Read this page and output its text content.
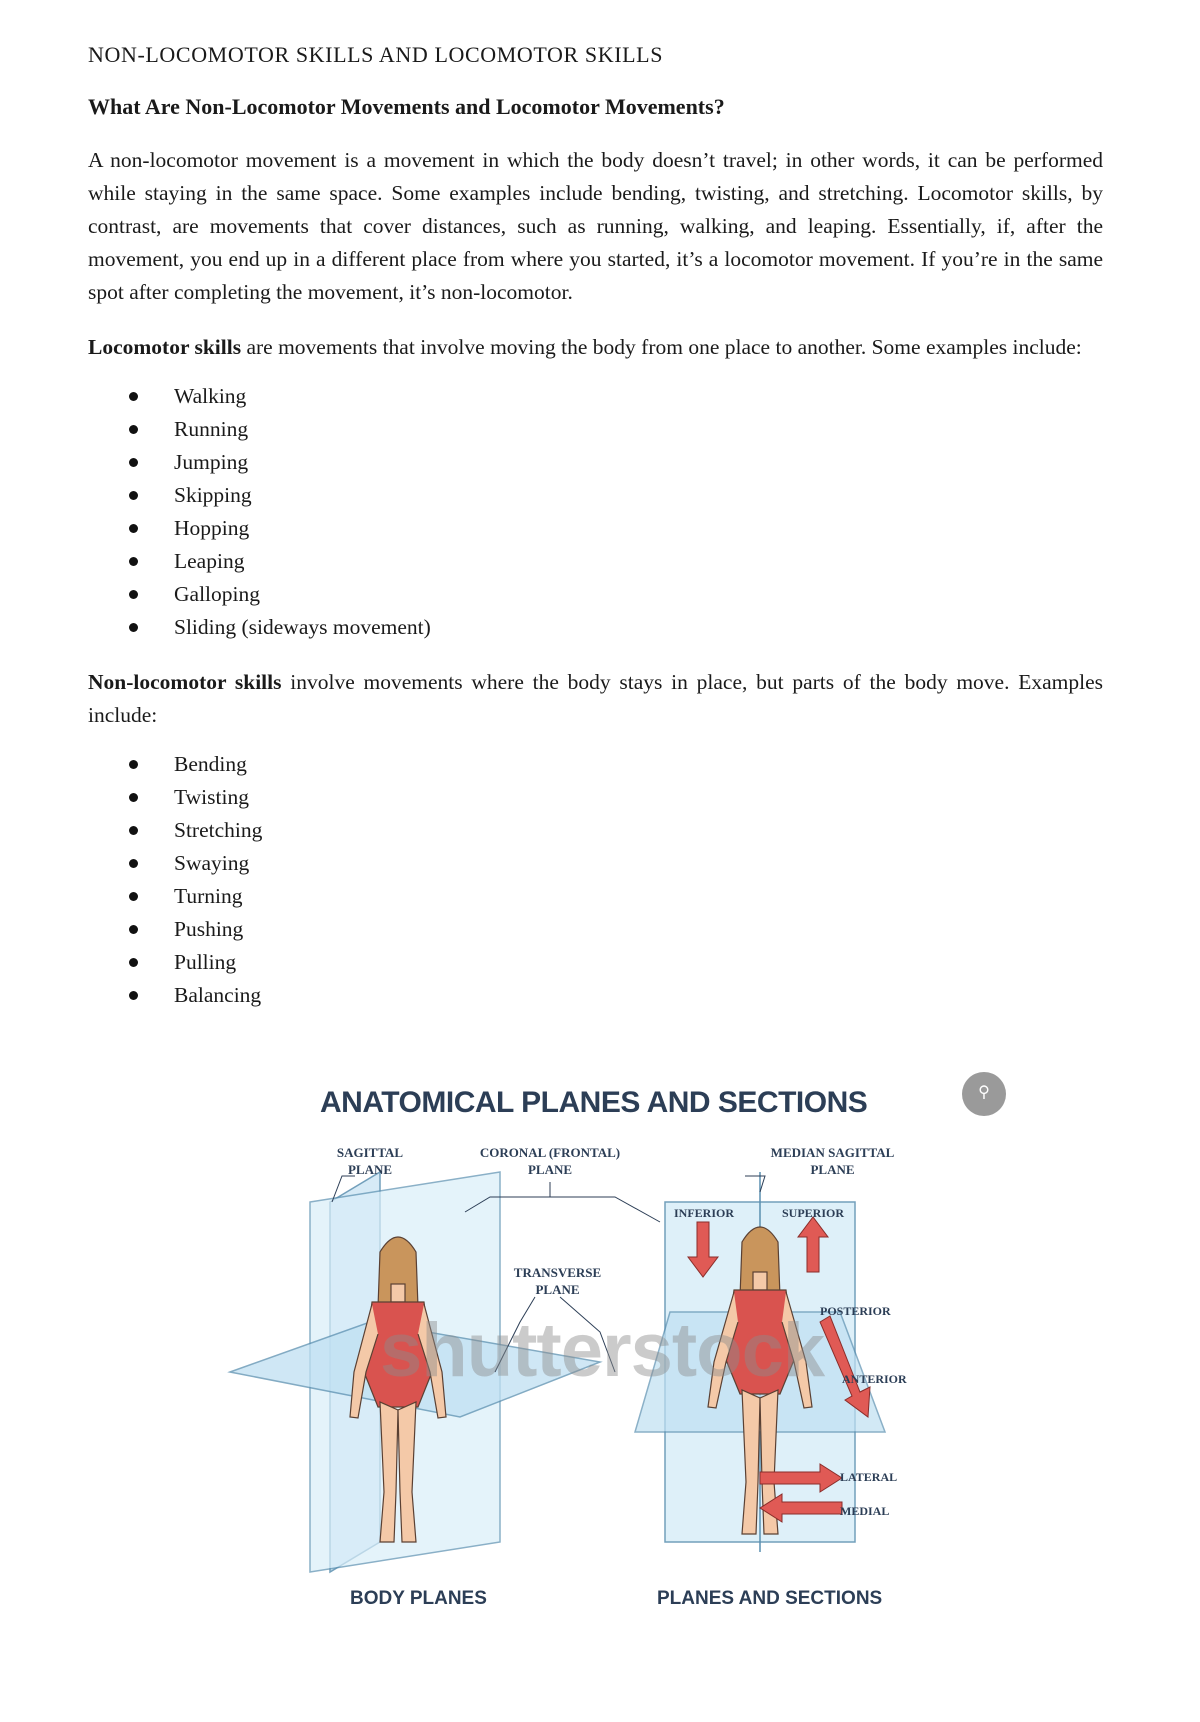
NON-LOCOMOTOR SKILLS AND LOCOMOTOR SKILLS
What Are Non-Locomotor Movements and Locomotor Movements?

A non-locomotor movement is a movement in which the body doesn’t travel; in other words, it can be performed while staying in the same space. Some examples include bending, twisting, and stretching. Locomotor skills, by contrast, are movements that cover distances, such as running, walking, and leaping. Essentially, if, after the movement, you end up in a different place from where you started, it’s a locomotor movement. If you’re in the same spot after completing the movement, it’s non-locomotor.

Locomotor skills are movements that involve moving the body from one place to another. Some examples include:

Walking
Running
Jumping
Skipping
Hopping
Leaping
Galloping
Sliding (sideways movement)

Non-locomotor skills involve movements where the body stays in place, but parts of the body move. Examples include:

Bending
Twisting
Stretching
Swaying
Turning
Pushing
Pulling
Balancing
ANATOMICAL PLANES AND SECTIONS	⚲
SAGITTAL
PLANE
CORONAL (FRONTAL)
PLANE
MEDIAN SAGITTAL
PLANE
TRANSVERSE
PLANE
INFERIOR	SUPERIOR
POSTERIOR
ANTERIOR
LATERAL
MEDIAL
shutterstock
BODY PLANES	PLANES AND SECTIONS
